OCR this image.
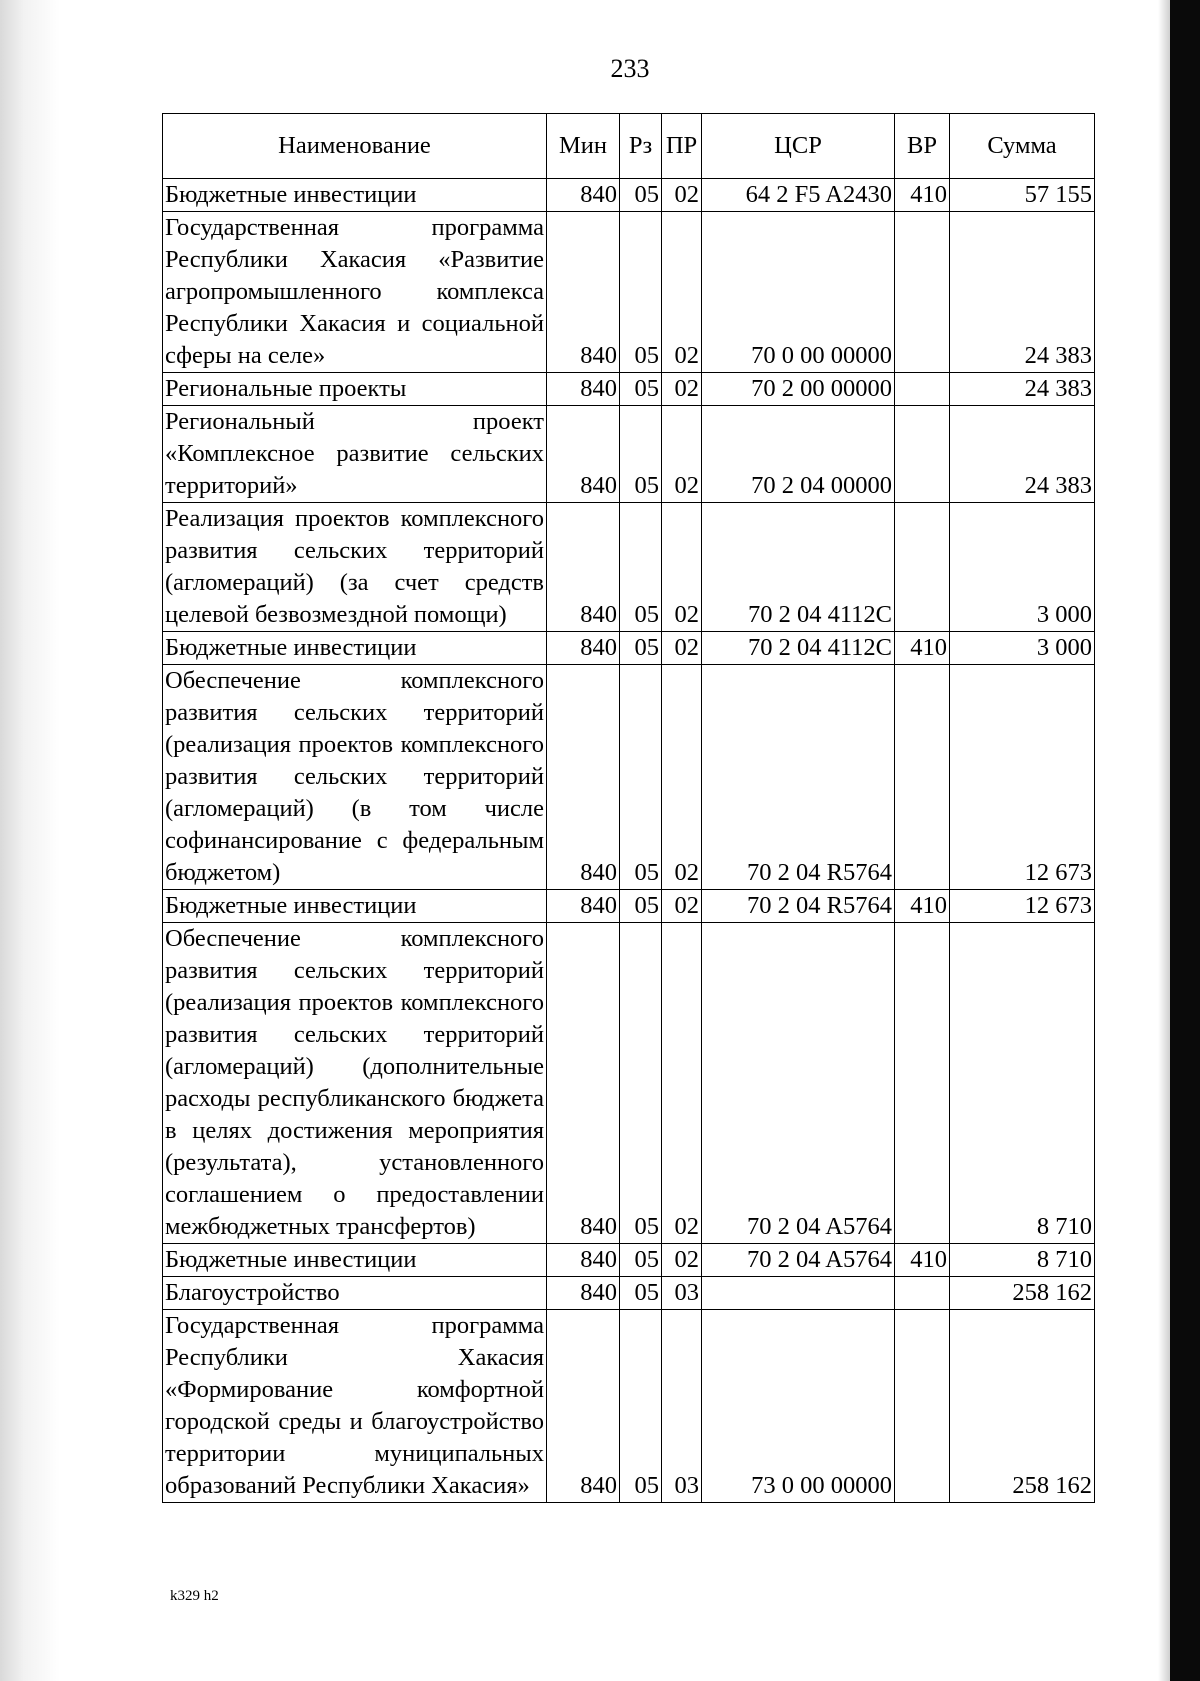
233
Наименование	Мин	Рз	ПР	ЦСР	ВР	Сумма
Бюджетные инвестиции	840	05	02	64 2 F5 A2430	410	57 155
Государственная программа Республики Хакасия «Развитие агропромышленного комплекса Республики Хакасия и социальной сферы на селе»	840	05	02	70 0 00 00000		24 383
Региональные проекты	840	05	02	70 2 00 00000		24 383
Региональный проект «Комплексное развитие сельских территорий»	840	05	02	70 2 04 00000		24 383
Реализация проектов комплексного развития сельских территорий (агломераций) (за счет средств целевой безвозмездной помощи)	840	05	02	70 2 04 4112C		3 000
Бюджетные инвестиции	840	05	02	70 2 04 4112C	410	3 000
Обеспечение комплексного развития сельских территорий (реализация проектов комплексного развития сельских территорий (агломераций) (в том числе софинансирование с федеральным бюджетом)	840	05	02	70 2 04 R5764		12 673
Бюджетные инвестиции	840	05	02	70 2 04 R5764	410	12 673
Обеспечение комплексного развития сельских территорий (реализация проектов комплексного развития сельских территорий (агломераций) (дополнительные расходы республиканского бюджета в целях достижения мероприятия (результата), установленного соглашением о предоставлении межбюджетных трансфертов)	840	05	02	70 2 04 A5764		8 710
Бюджетные инвестиции	840	05	02	70 2 04 A5764	410	8 710
Благоустройство	840	05	03			258 162
Государственная программа Республики Хакасия «Формирование комфортной городской среды и благоустройство территории муниципальных образований Республики Хакасия»	840	05	03	73 0 00 00000		258 162
k329 h2
